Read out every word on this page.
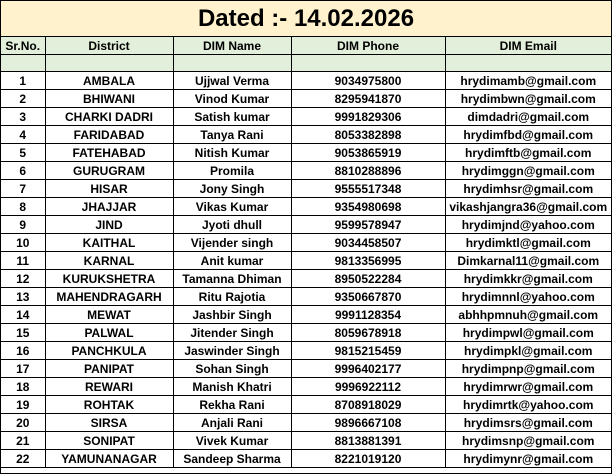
Dated :- 14.02.2026
Sr.No.	District	DIM Name	DIM Phone	DIM Email

1	AMBALA	Ujjwal Verma	9034975800	hrydimamb@gmail.com
2	BHIWANI	Vinod Kumar	8295941870	hrydimbwn@gmail.com
3	CHARKI DADRI	Satish kumar	9991829306	dimdadri@gmail.com
4	FARIDABAD	Tanya Rani	8053382898	hrydimfbd@gmail.com
5	FATEHABAD	Nitish Kumar	9053865919	hrydimftb@gmail.com
6	GURUGRAM	Promila	8810288896	hrydimggn@gmail.com
7	HISAR	Jony Singh	9555517348	hrydimhsr@gmail.com
8	JHAJJAR	Vikas Kumar	9354980698	vikashjangra36@gmail.com
9	JIND	Jyoti dhull	9599578947	hrydimjnd@yahoo.com
10	KAITHAL	Vijender singh	9034458507	hrydimktl@gmail.com
11	KARNAL	Anit kumar	9813356995	Dimkarnal11@gmail.com
12	KURUKSHETRA	Tamanna Dhiman	8950522284	hrydimkkr@gmail.com
13	MAHENDRAGARH	Ritu Rajotia	9350667870	hrydimnnl@yahoo.com
14	MEWAT	Jashbir Singh	9991128354	abhhpmnuh@gmail.com
15	PALWAL	Jitender Singh	8059678918	hrydimpwl@gmail.com
16	PANCHKULA	Jaswinder Singh	9815215459	hrydimpkl@gmail.com
17	PANIPAT	Sohan Singh	9996402177	hrydimpnp@gmail.com
18	REWARI	Manish Khatri	9996922112	hrydimrwr@gmail.com
19	ROHTAK	Rekha Rani	8708918029	hrydimrtk@yahoo.com
20	SIRSA	Anjali Rani	9896667108	hrydimsrs@gmail.com
21	SONIPAT	Vivek Kumar	8813881391	hrydimsnp@gmail.com
22	YAMUNANAGAR	Sandeep Sharma	8221019120	hrydimynr@gmail.com
